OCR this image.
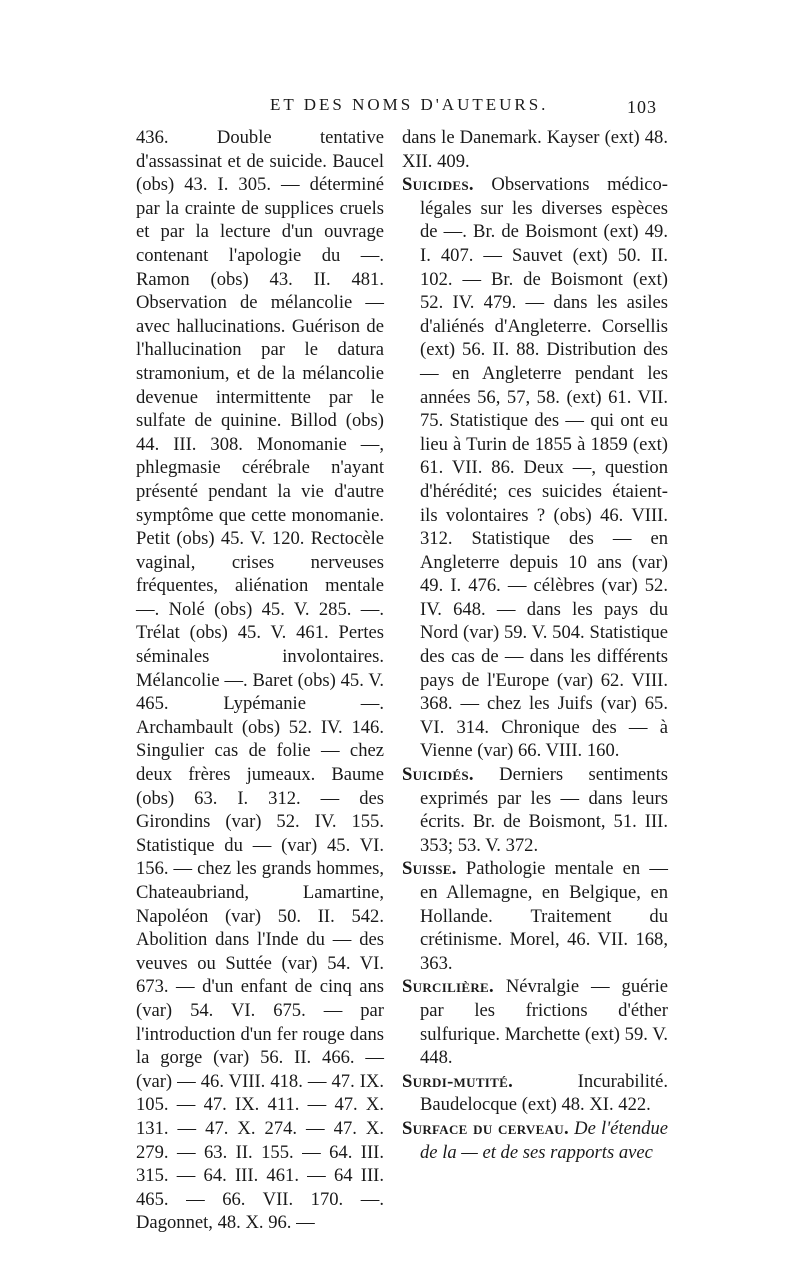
ET DES NOMS D'AUTEURS.	103

436. Double tentative d'assassinat et de suicide. Baucel (obs) 43. I. 305. — déterminé par la crainte de supplices cruels et par la lecture d'un ouvrage contenant l'apologie du —. Ramon (obs) 43. II. 481. Observation de mélancolie — avec hallucinations. Guérison de l'hallucination par le datura stramonium, et de la mélancolie devenue intermittente par le sulfate de quinine. Billod (obs) 44. III. 308. Monomanie —, phlegmasie cérébrale n'ayant présenté pendant la vie d'autre symptôme que cette monomanie. Petit (obs) 45. V. 120. Rectocèle vaginal, crises nerveuses fréquentes, aliénation mentale —. Nolé (obs) 45. V. 285. —. Trélat (obs) 45. V. 461. Pertes séminales involontaires. Mélancolie —. Baret (obs) 45. V. 465. Lypémanie —. Archambault (obs) 52. IV. 146. Singulier cas de folie — chez deux frères jumeaux. Baume (obs) 63. I. 312. — des Girondins (var) 52. IV. 155. Statistique du — (var) 45. VI. 156. — chez les grands hommes, Chateaubriand, Lamartine, Napoléon (var) 50. II. 542. Abolition dans l'Inde du — des veuves ou Suttée (var) 54. VI. 673. — d'un enfant de cinq ans (var) 54. VI. 675. — par l'introduction d'un fer rouge dans la gorge (var) 56. II. 466. — (var) — 46. VIII. 418. — 47. IX. 105. — 47. IX. 411. — 47. X. 131. — 47. X. 274. — 47. X. 279. — 63. II. 155. — 64. III. 315. — 64. III. 461. — 64 III. 465. — 66. VII. 170. —. Dagonnet, 48. X. 96. —

dans le Danemark. Kayser (ext) 48. XII. 409.

Suicides. Observations médico-légales sur les diverses espèces de —. Br. de Boismont (ext) 49. I. 407. — Sauvet (ext) 50. II. 102. — Br. de Boismont (ext) 52. IV. 479. — dans les asiles d'aliénés d'Angleterre. Corsellis (ext) 56. II. 88. Distribution des — en Angleterre pendant les années 56, 57, 58. (ext) 61. VII. 75. Statistique des — qui ont eu lieu à Turin de 1855 à 1859 (ext) 61. VII. 86. Deux —, question d'hérédité; ces suicides étaient-ils volontaires ? (obs) 46. VIII. 312. Statistique des — en Angleterre depuis 10 ans (var) 49. I. 476. — célèbres (var) 52. IV. 648. — dans les pays du Nord (var) 59. V. 504. Statistique des cas de — dans les différents pays de l'Europe (var) 62. VIII. 368. — chez les Juifs (var) 65. VI. 314. Chronique des — à Vienne (var) 66. VIII. 160.

Suicidés. Derniers sentiments exprimés par les — dans leurs écrits. Br. de Boismont, 51. III. 353; 53. V. 372.

Suisse. Pathologie mentale en — en Allemagne, en Belgique, en Hollande. Traitement du crétinisme. Morel, 46. VII. 168, 363.

Surcilière. Névralgie — guérie par les frictions d'éther sulfurique. Marchette (ext) 59. V. 448.

Surdi-mutité. Incurabilité. Baudelocque (ext) 48. XI. 422.

Surface du cerveau. De l'étendue de la — et de ses rapports avec
